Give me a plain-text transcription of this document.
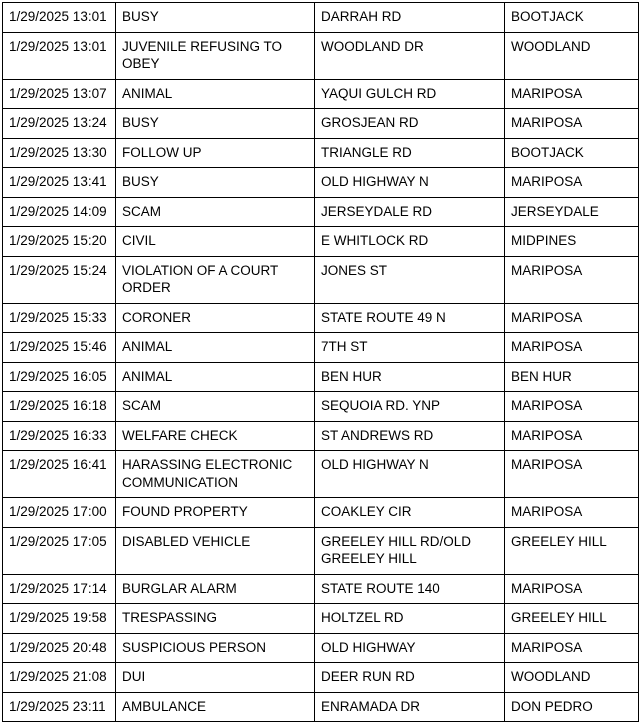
1/29/2025 13:01	BUSY	DARRAH RD	BOOTJACK
1/29/2025 13:01	JUVENILE REFUSING TO OBEY	WOODLAND DR	WOODLAND
1/29/2025 13:07	ANIMAL	YAQUI GULCH RD	MARIPOSA
1/29/2025 13:24	BUSY	GROSJEAN RD	MARIPOSA
1/29/2025 13:30	FOLLOW UP	TRIANGLE RD	BOOTJACK
1/29/2025 13:41	BUSY	OLD HIGHWAY N	MARIPOSA
1/29/2025 14:09	SCAM	JERSEYDALE RD	JERSEYDALE
1/29/2025 15:20	CIVIL	E WHITLOCK RD	MIDPINES
1/29/2025 15:24	VIOLATION OF A COURT ORDER	JONES ST	MARIPOSA
1/29/2025 15:33	CORONER	STATE ROUTE 49 N	MARIPOSA
1/29/2025 15:46	ANIMAL	7TH ST	MARIPOSA
1/29/2025 16:05	ANIMAL	BEN HUR	BEN HUR
1/29/2025 16:18	SCAM	SEQUOIA RD. YNP	MARIPOSA
1/29/2025 16:33	WELFARE CHECK	ST ANDREWS RD	MARIPOSA
1/29/2025 16:41	HARASSING ELECTRONIC COMMUNICATION	OLD HIGHWAY N	MARIPOSA
1/29/2025 17:00	FOUND PROPERTY	COAKLEY CIR	MARIPOSA
1/29/2025 17:05	DISABLED VEHICLE	GREELEY HILL RD/OLD GREELEY HILL	GREELEY HILL
1/29/2025 17:14	BURGLAR ALARM	STATE ROUTE 140	MARIPOSA
1/29/2025 19:58	TRESPASSING	HOLTZEL RD	GREELEY HILL
1/29/2025 20:48	SUSPICIOUS PERSON	OLD HIGHWAY	MARIPOSA
1/29/2025 21:08	DUI	DEER RUN RD	WOODLAND
1/29/2025 23:11	AMBULANCE	ENRAMADA DR	DON PEDRO
